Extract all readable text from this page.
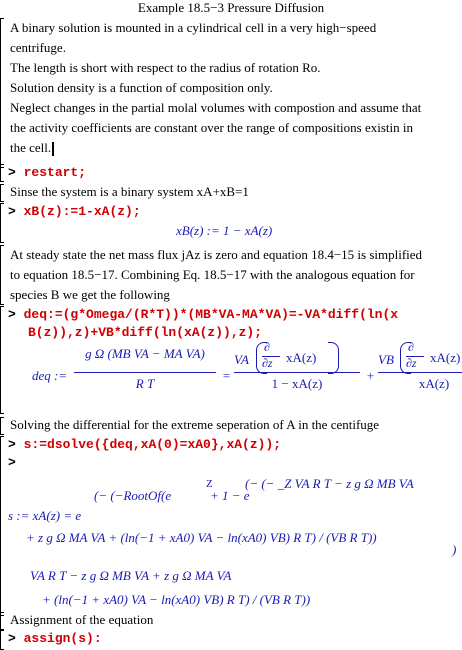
Example 18.5−3 Pressure Diffusion
A binary solution is mounted in a cylindrical cell in a very high−speed
centrifuge.
The length is short with respect to the radius of rotation Ro.
Solution density is a function of composition only.
Neglect changes in the partial molal volumes with compostion and assume that
the activity coefficients are constant over the range of compositions existin in
the cell.
> restart;
Sinse the system is a binary system xA+xB=1
> xB(z):=1-xA(z);
xB(z) := 1 − xA(z)
At steady state the net mass flux jAz is zero and equation 18.4−15 is simplified
to equation 18.5−17. Combining Eq. 18.5−17 with the analogous equation for
species B we get the following
> deq:=(g*Omega/(R*T))*(MB*VA-MA*VA)=-VA*diff(ln(x
B(z)),z)+VB*diff(ln(xA(z)),z);
deq :=
g Ω (MB VA − MA VA)
R T
=
VA
∂
∂z xA(z)
1 − xA(z)
+
VB
∂
∂z xA(z)
xA(z)
Solving the differential for the extreme seperation of A in the centifuge
> s:=dsolve({deq,xA(0)=xA0},xA(z));
>
(− (− _Z VA R T − z g Ω MB VA
Z
(− (−RootOf(e	+ 1 − e
s := xA(z) = e
+ z g Ω MA VA + (ln(−1 + xA0) VA − ln(xA0) VB) R T) / (VB R T))
)
VA R T − z g Ω MB VA + z g Ω MA VA
+ (ln(−1 + xA0) VA − ln(xA0) VB) R T) / (VB R T))
Assignment of the equation
> assign(s):
